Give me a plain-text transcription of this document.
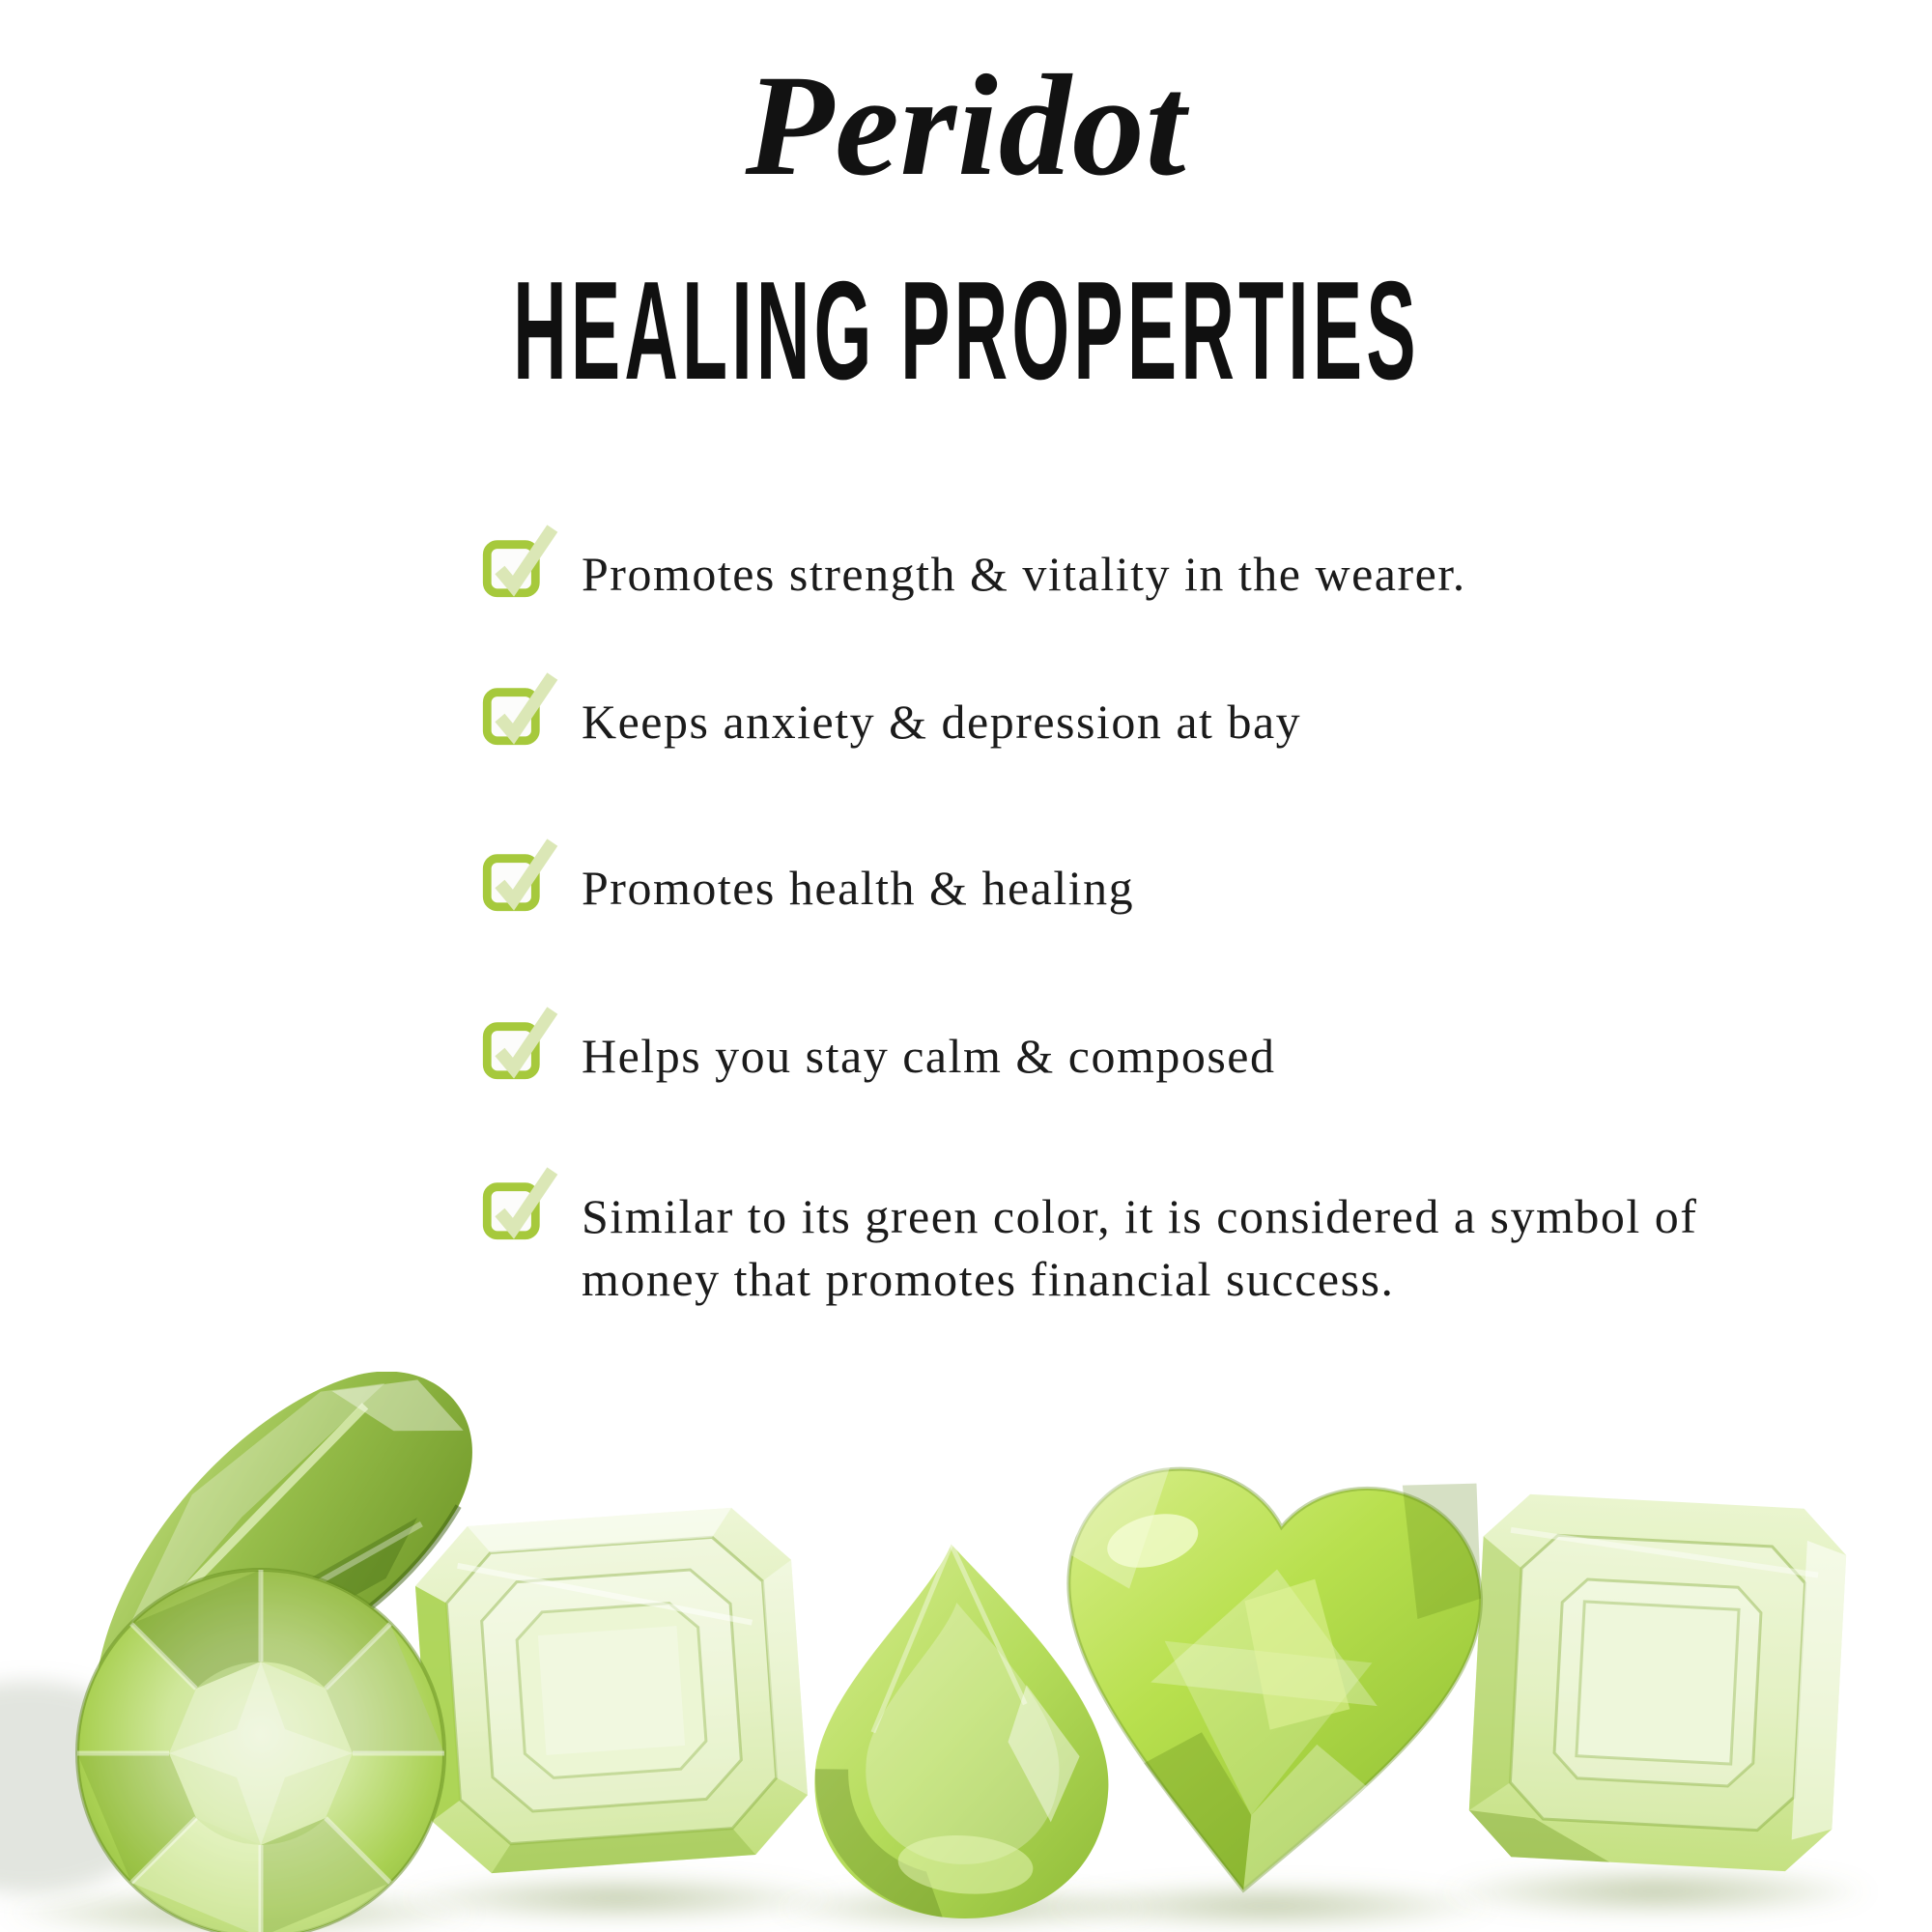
Peridot
HEALING PROPERTIES

Promotes strength & vitality in the wearer.

Keeps anxiety & depression at bay

Promotes health & healing

Helps you stay calm & composed

Similar to its green color, it is considered a symbol of money that promotes financial success.
